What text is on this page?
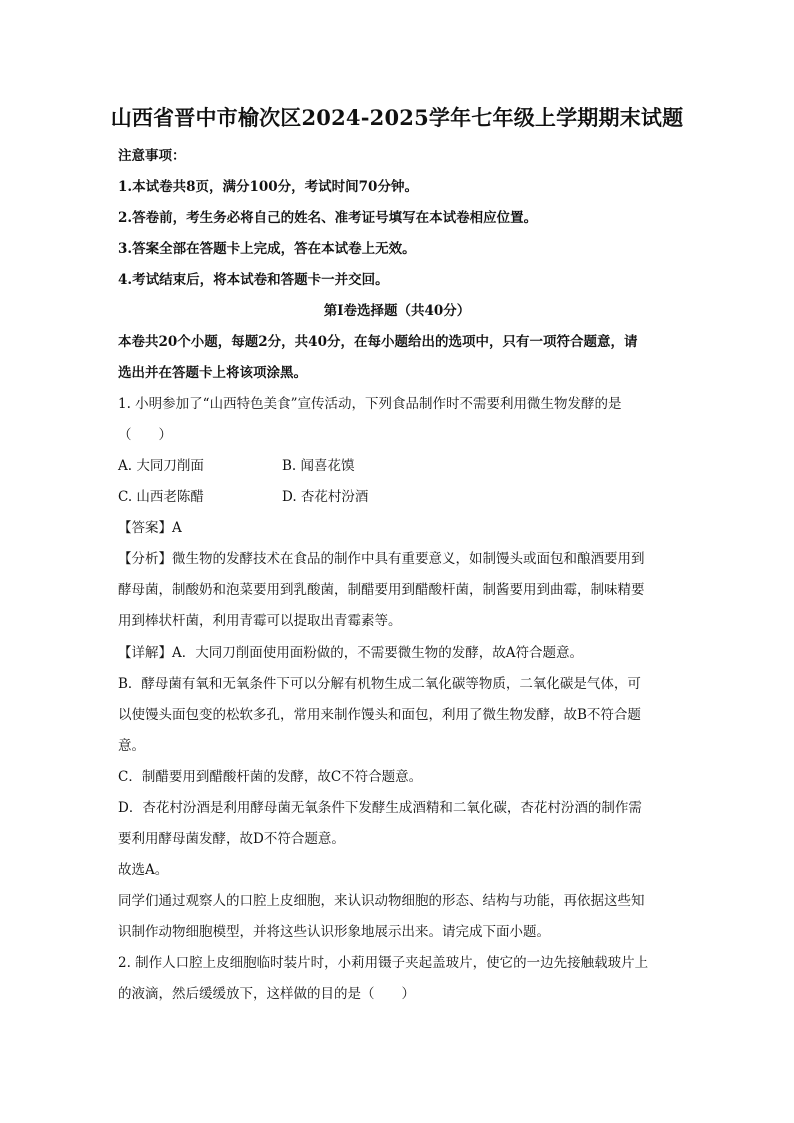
山西省晋中市榆次区2024-2025学年七年级上学期期末试题

注意事项：

1.本试卷共8页，满分100分，考试时间70分钟。

2.答卷前，考生务必将自己的姓名、准考证号填写在本试卷相应位置。

3.答案全部在答题卡上完成，答在本试卷上无效。

4.考试结束后，将本试卷和答题卡一并交回。

第I卷选择题（共40分）

本卷共20个小题，每题2分，共40分，在每小题给出的选项中，只有一项符合题意，请

选出并在答题卡上将该项涂黑。

1. 小明参加了“山西特色美食”宣传活动，下列食品制作时不需要利用微生物发酵的是

（　　）

A. 大同刀削面	B. 闻喜花馍
C. 山西老陈醋	D. 杏花村汾酒

【答案】A

【分析】微生物的发酵技术在食品的制作中具有重要意义，如制馒头或面包和酿酒要用到

酵母菌，制酸奶和泡菜要用到乳酸菌，制醋要用到醋酸杆菌，制酱要用到曲霉，制味精要

用到棒状杆菌，利用青霉可以提取出青霉素等。

【详解】A．大同刀削面使用面粉做的，不需要微生物的发酵，故A符合题意。

B．酵母菌有氧和无氧条件下可以分解有机物生成二氧化碳等物质，二氧化碳是气体，可

以使馒头面包变的松软多孔，常用来制作馒头和面包，利用了微生物发酵，故B不符合题

意。

C．制醋要用到醋酸杆菌的发酵，故C不符合题意。

D．杏花村汾酒是利用酵母菌无氧条件下发酵生成酒精和二氧化碳，杏花村汾酒的制作需

要利用酵母菌发酵，故D不符合题意。

故选A。

同学们通过观察人的口腔上皮细胞，来认识动物细胞的形态、结构与功能，再依据这些知

识制作动物细胞模型，并将这些认识形象地展示出来。请完成下面小题。

2. 制作人口腔上皮细胞临时装片时，小莉用镊子夹起盖玻片，使它的一边先接触载玻片上

的液滴，然后缓缓放下，这样做的目的是（　　）
